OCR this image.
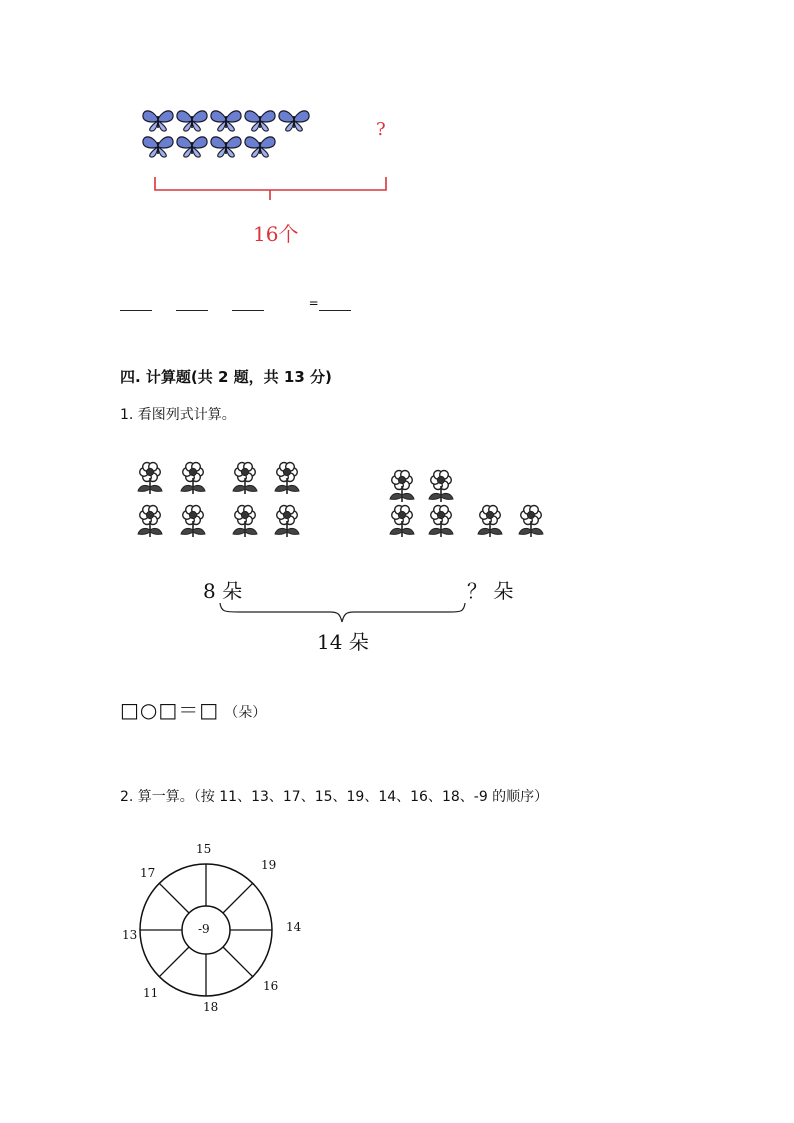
?
16个
=
四. 计算题(共 2 题，共 13 分)
1. 看图列式计算。
8 朵	？ 朵
14 朵
□○□＝□ （朵）
2. 算一算。（按 11、13、17、15、19、14、16、18、-9 的顺序）
15
19
14
16
18
11
13
17
-9
